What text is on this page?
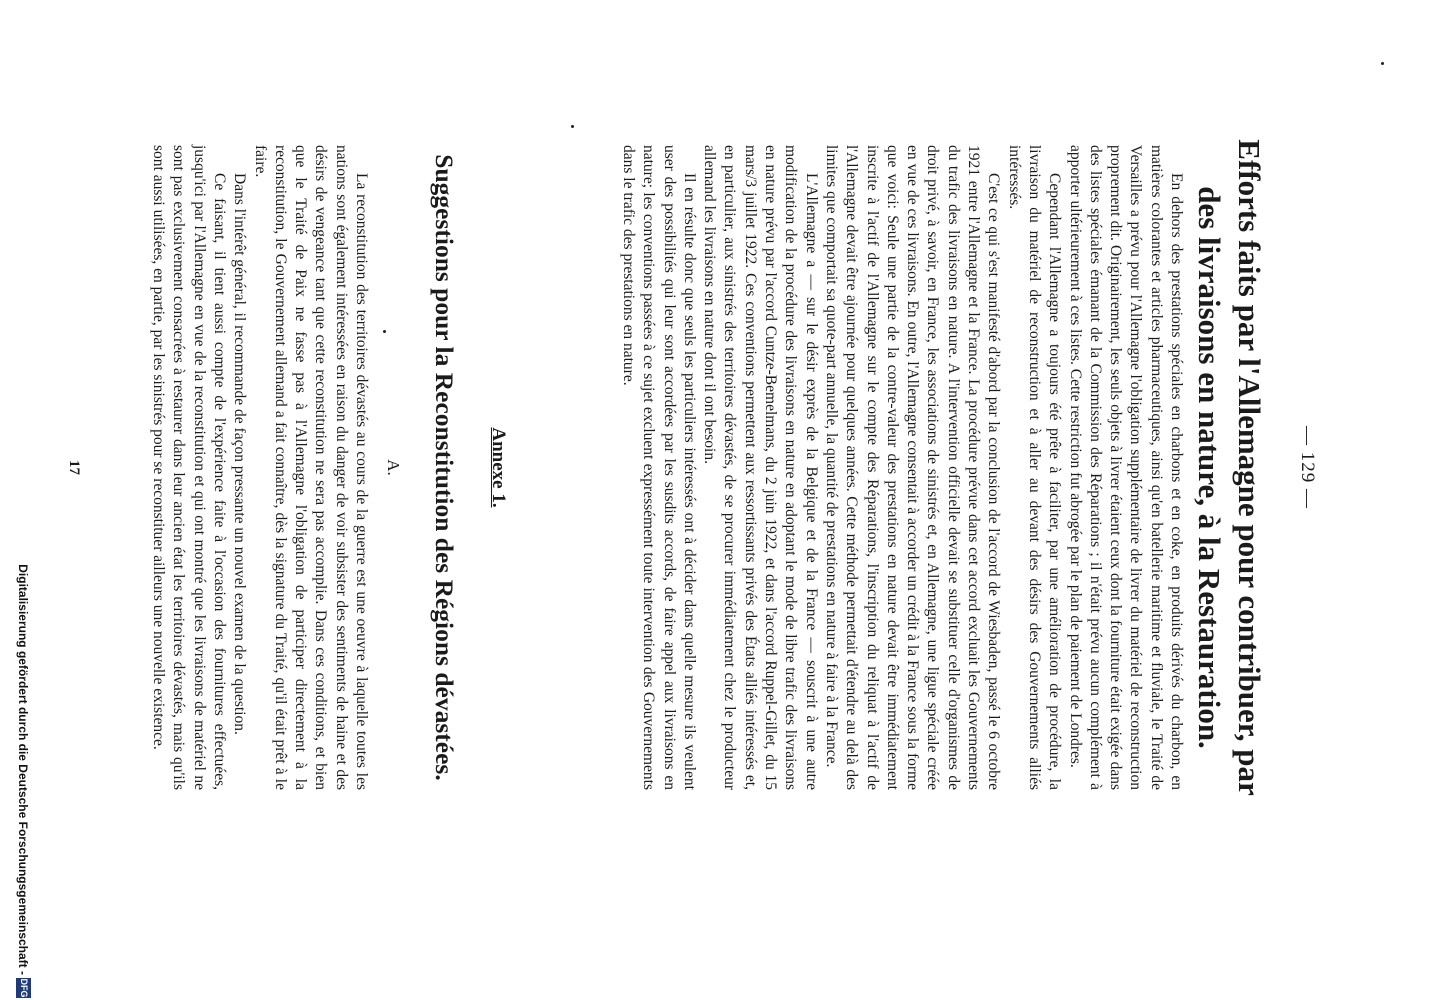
— 129 —
Efforts faits par l'Allemagne pour contribuer, par des livraisons en nature, à la Restauration.

En dehors des prestations spéciales en charbons et en coke, en produits dérivés du charbon, en matières colorantes et articles pharmaceutiques, ainsi qu'en batellerie maritime et fluviale, le Traité de Versailles a prévu pour l'Allemagne l'obligation supplémentaire de livrer du matériel de reconstruction proprement dit. Originairement, les seuls objets à livrer étaient ceux dont la fourniture était exigée dans des listes spéciales émanant de la Commission des Réparations ; il n'était prévu aucun complément à apporter ultérieurement à ces listes. Cette restriction fut abrogée par le plan de paiement de Londres.

Cependant l'Allemagne a toujours été prête à faciliter, par une amélioration de procédure, la livraison du matériel de reconstruction et à aller au devant des désirs des Gouvernements alliés intéressés.

C'est ce qui s'est manifesté d'abord par la conclusion de l'accord de Wiesbaden, passé le 6 octobre 1921 entre l'Allemagne et la France. La procédure prévue dans cet accord excluait les Gouvernements du trafic des livraisons en nature. A l'intervention officielle devait se substituer celle d'organismes de droit privé, à savoir, en France, les associations de sinistrés et, en Allemagne, une ligue spéciale créée en vue de ces livraisons. En outre, l'Allemagne consentait à accorder un crédit à la France sous la forme que voici: Seule une partie de la contre-valeur des prestations en nature devait être immédiatement inscrite à l'actif de l'Allemagne sur le compte des Réparations, l'inscription du reliquat à l'actif de l'Allemagne devait être ajournée pour quelques années. Cette méthode permettait d'étendre au delà des limites que comportait sa quote-part annuelle, la quantité de prestations en nature à faire à la France.

L'Allemagne a — sur le désir exprès de la Belgique et de la France — souscrit à une autre modification de la procédure des livraisons en nature en adoptant le mode de libre trafic des livraisons en nature prévu par l'accord Cuntze-Bemelmans, du 2 juin 1922, et dans l'accord Ruppel-Gillet, du 15 mars/3 juillet 1922. Ces conventions permettent aux ressortissants privés des États alliés intéressés et, en particulier, aux sinistrés des territoires dévastés, de se procurer immédiatement chez le producteur allemand les livraisons en nature dont il ont besoin.

Il en résulte donc que seuls les particuliers intéressés ont à décider dans quelle mesure ils veulent user des possibilités qui leur sont accordées par les susdits accords, de faire appel aux livraisons en nature; les conventions passées à ce sujet excluent expressément toute intervention des Gouvernements dans le trafic des prestations en nature.

Annexe 1.
Suggestions pour la Reconstitution des Régions dévastées.
A.

La reconstitution des territoires dévastés au cours de la guerre est une oeuvre à laquelle toutes les nations sont également intéressées en raison du danger de voir subsister des sentiments de haine et des désirs de vengeance tant que cette reconstitution ne sera pas accomplie. Dans ces conditions, et bien que le Traité de Paix ne fasse pas à l'Allemagne l'obligation de participer directement à la reconstitution, le Gouvernement allemand a fait connaître, dès la signature du Traité, qu'il était prêt à le faire.

Dans l'intérêt général, il recommande de façon pressante un nouvel examen de la question.

Ce faisant, il tient aussi compte de l'expérience faite à l'occasion des fournitures effectuées, jusqu'ici par l'Allemagne en vue de la reconstitution et qui ont montré que les livraisons de matériel ne sont pas exclusivement consacrées à restaurer dans leur ancien état les territoires dévastés, mais qu'ils sont aussi utilisées, en partie, par les sinistrés pour se reconstituer ailleurs une nouvelle existence.

17
Digitalisierung gefördert durch die Deutsche Forschungsgemeinschaft -
DFG
